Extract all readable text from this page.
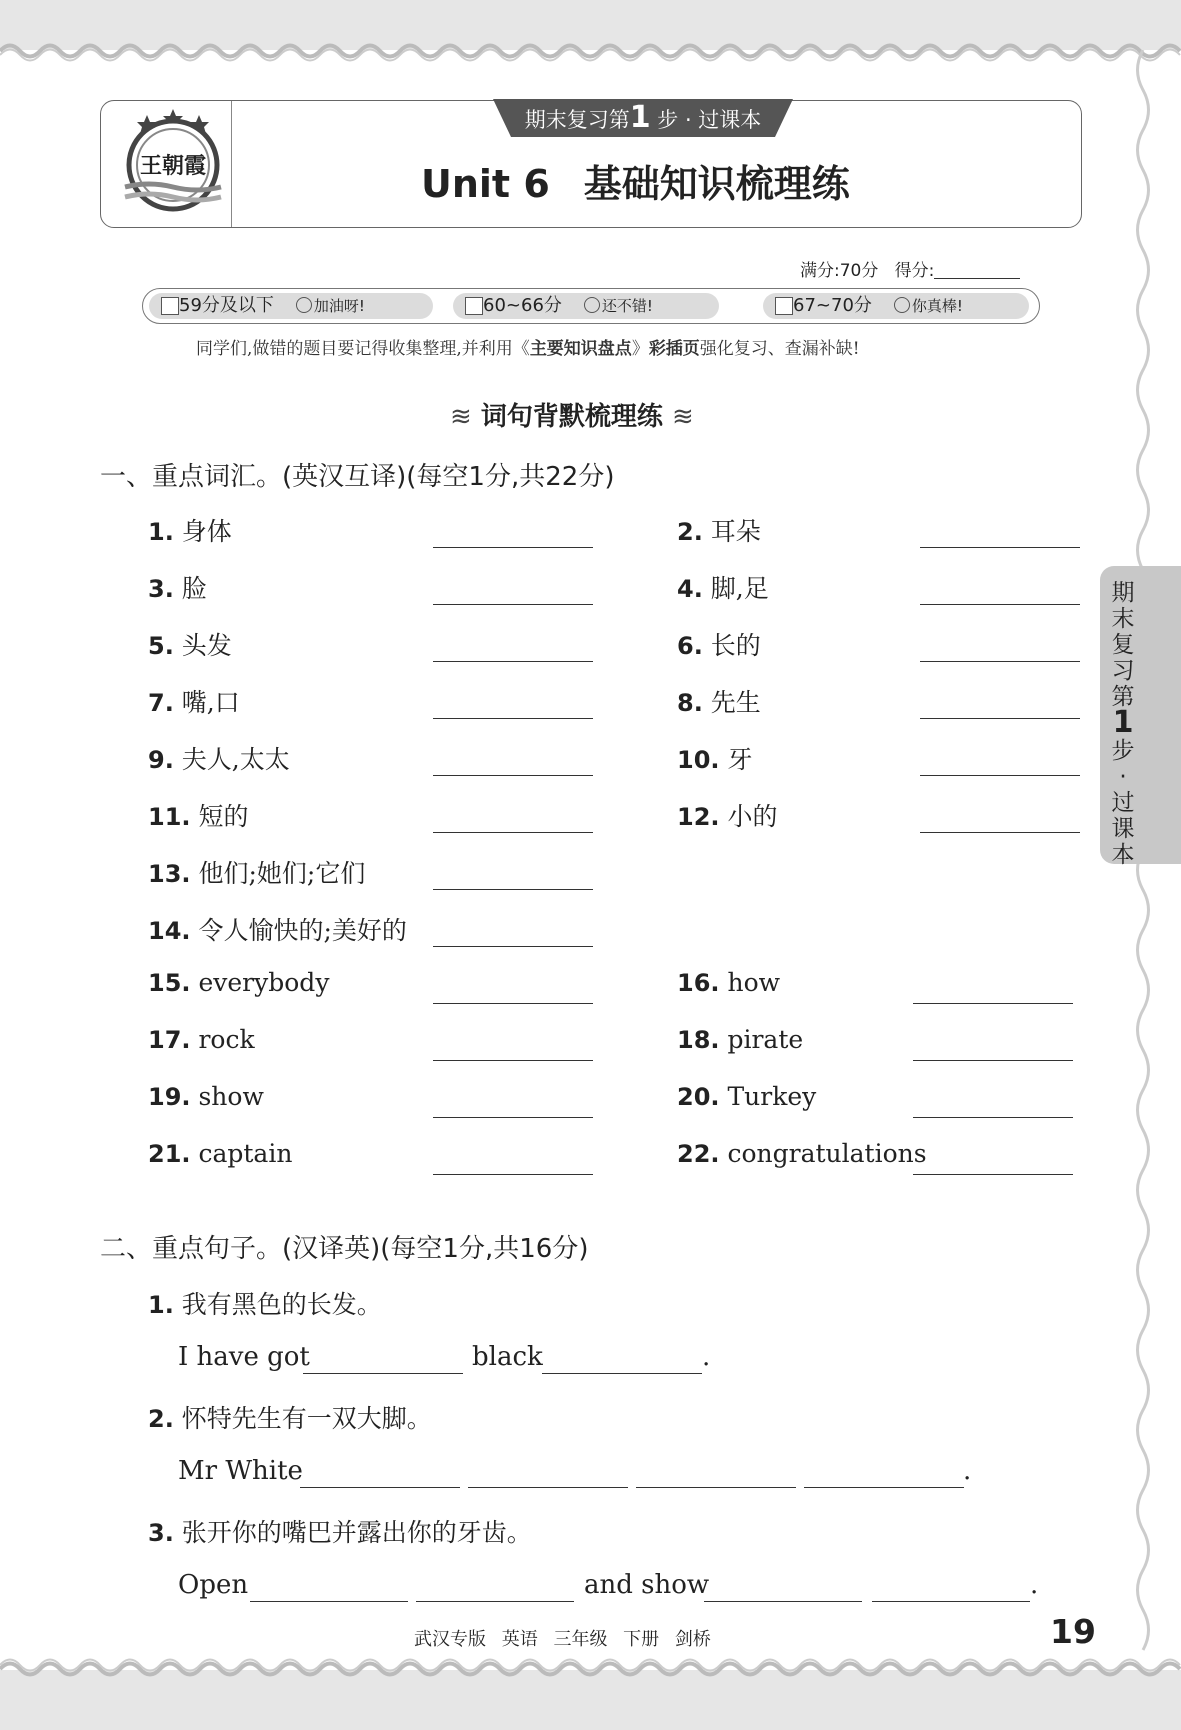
王朝霞
期末复习第1 步 · 过课本
Unit 6 基础知识梳理练
满分:70分 得分:
59分及以下	加油呀!	60~66分	还不错!	67~70分	你真棒!
同学们,做错的题目要记得收集整理,并利用《主要知识盘点》彩插页强化复习、查漏补缺!
≋ 词句背默梳理练 ≋
一、重点词汇。(英汉互译)(每空1分,共22分)
1. 身体	2. 耳朵
3. 脸	4. 脚,足
5. 头发	6. 长的
7. 嘴,口	8. 先生
9. 夫人,太太	10. 牙
11. 短的	12. 小的
13. 他们;她们;它们
14. 令人愉快的;美好的
15. everybody	16. how
17. rock	18. pirate
19. show	20. Turkey
21. captain	22. congratulations
二、重点句子。(汉译英)(每空1分,共16分)
1. 我有黑色的长发。
I have got	black	.
2. 怀特先生有一双大脚。
Mr White	.
3. 张开你的嘴巴并露出你的牙齿。
Open	and show	.
期末复习第1步·过课本
武汉专版 英语 三年级 下册 剑桥	19
